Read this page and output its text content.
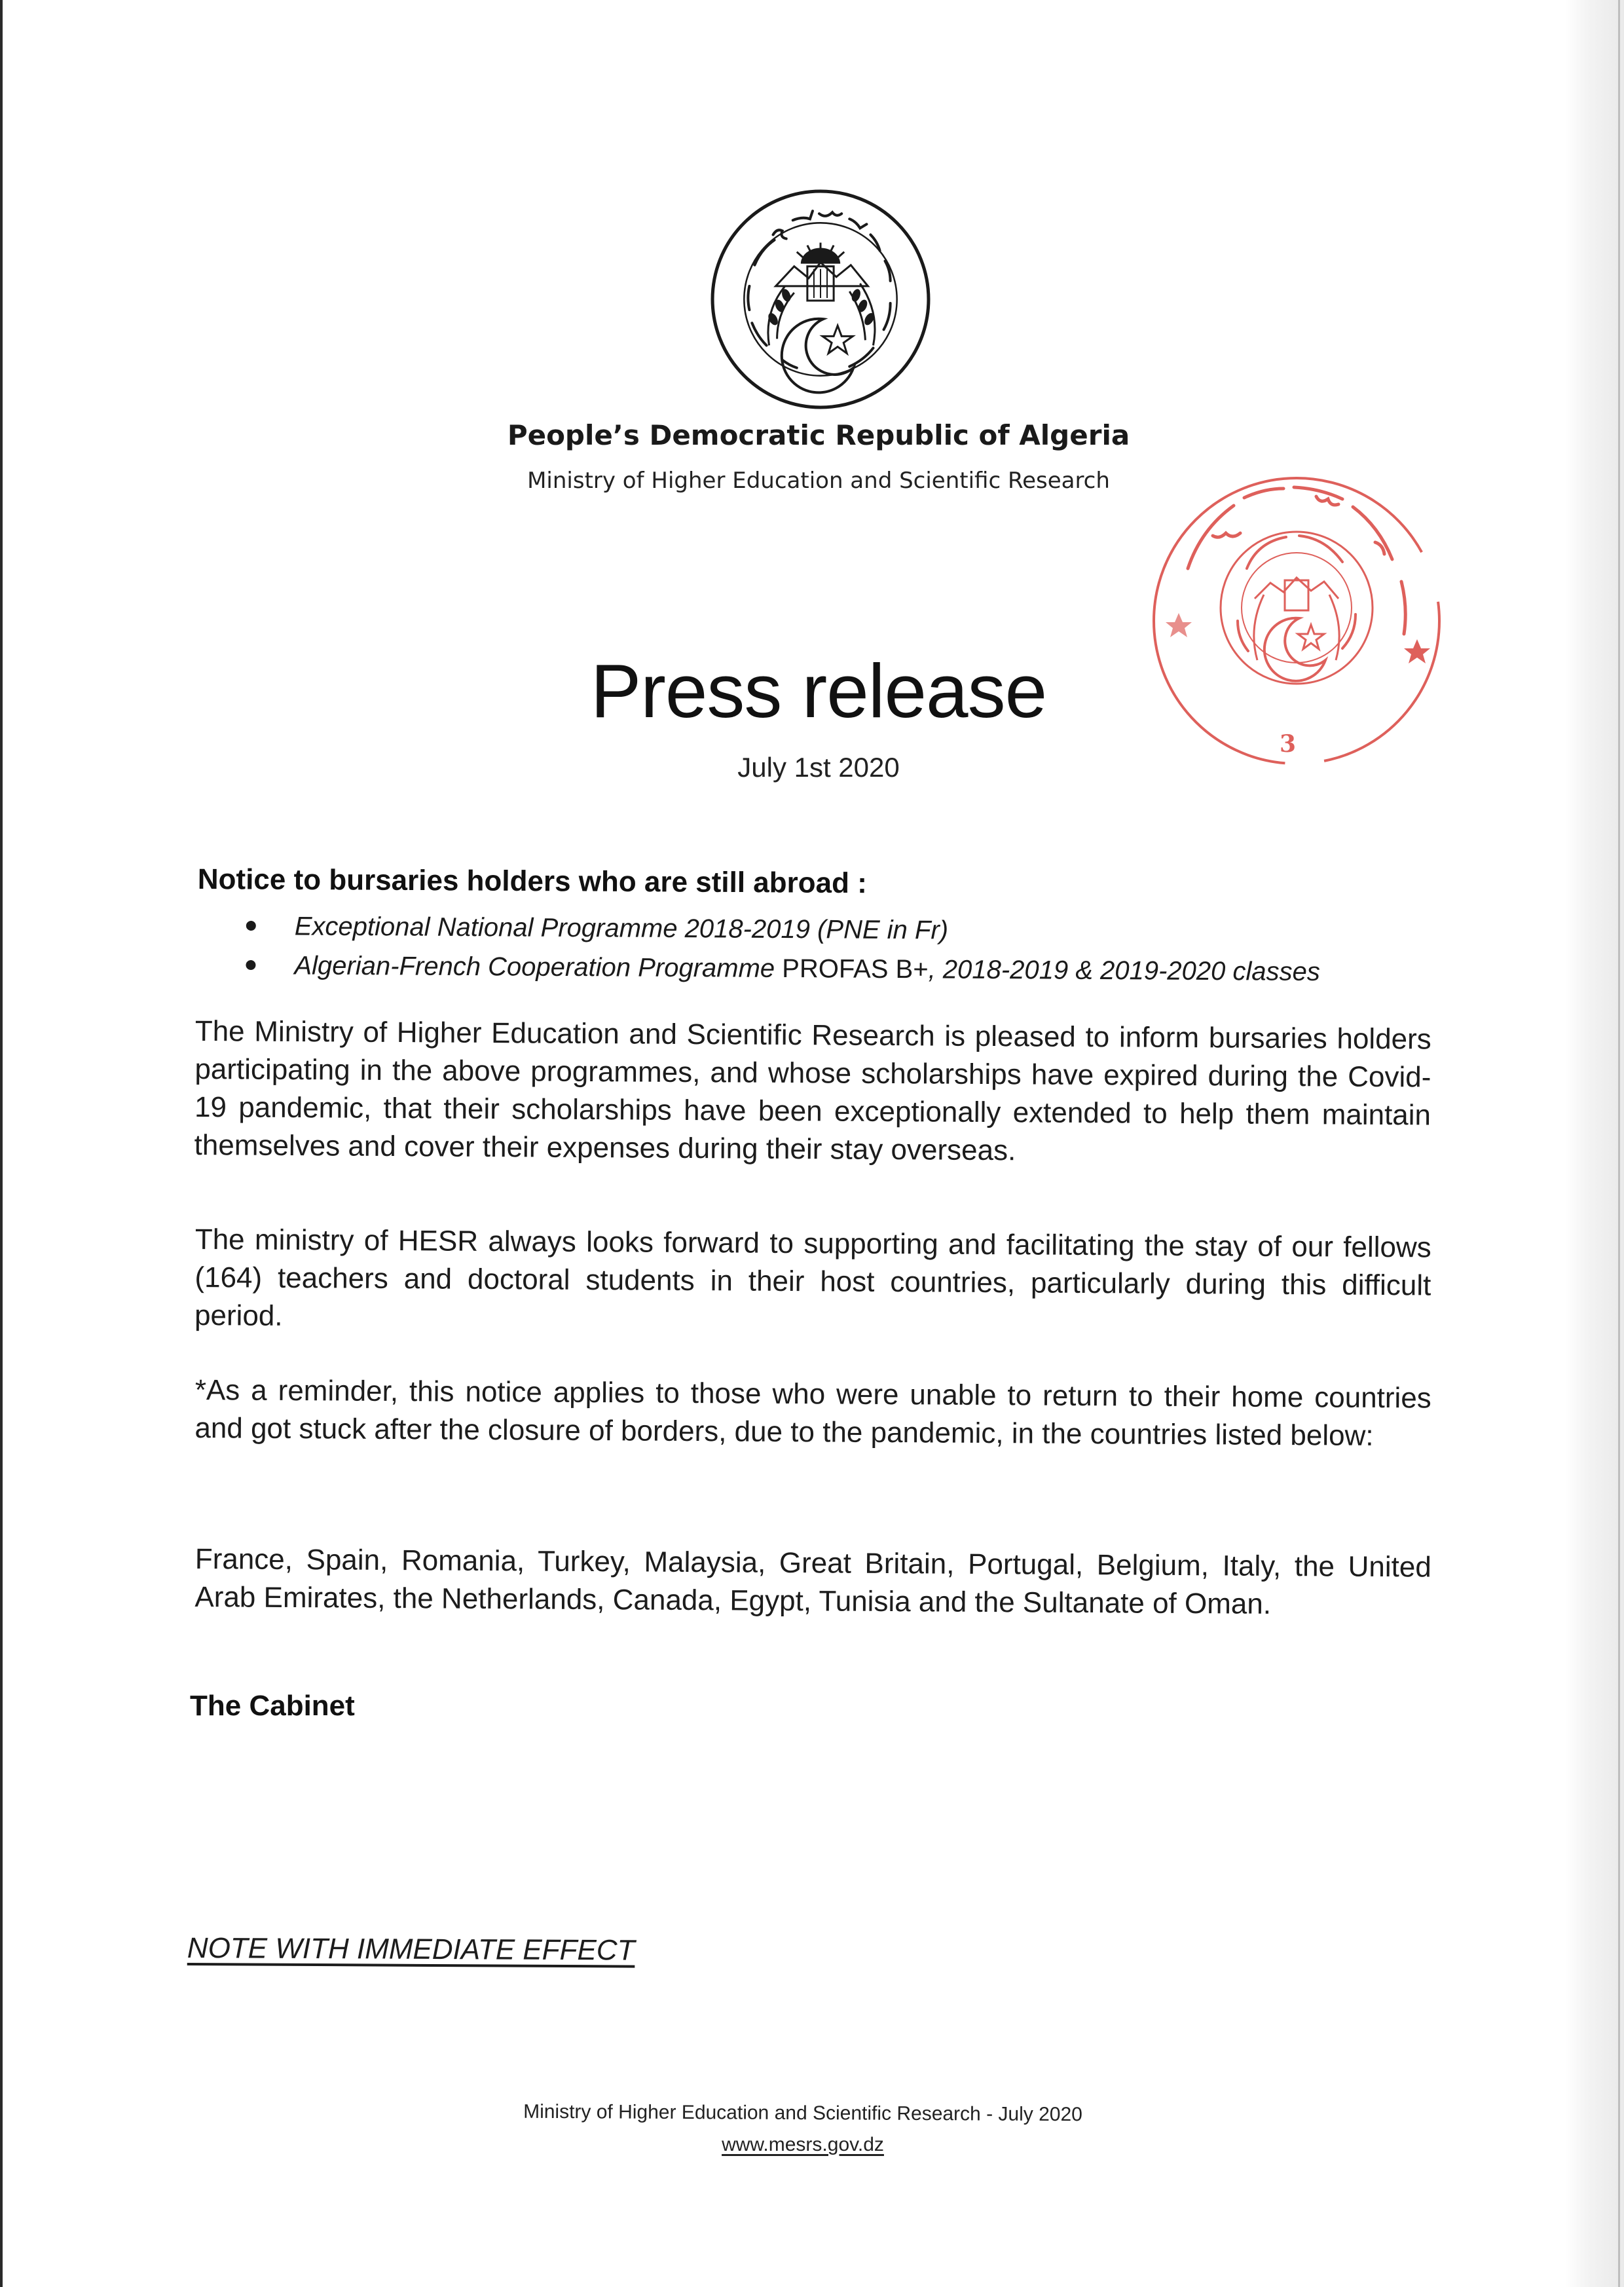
3
People’s Democratic Republic of Algeria
Ministry of Higher Education and Scientific Research
Press release
July 1st 2020
Notice to bursaries holders who are still abroad :
Exceptional National Programme 2018-2019 (PNE in Fr)
Algerian-French Cooperation Programme PROFAS B+, 2018-2019 & 2019-2020 classes

The Ministry of Higher Education and Scientific Research is pleased to inform bursaries holders participating in the above programmes, and whose scholarships have expired during the Covid-19 pandemic, that their scholarships have been exceptionally extended to help them maintain themselves and cover their expenses during their stay overseas.

The ministry of HESR always looks forward to supporting and facilitating the stay of our fellows (164) teachers and doctoral students in their host countries, particularly during this difficult period.

*As a reminder, this notice applies to those who were unable to return to their home countries and got stuck after the closure of borders, due to the pandemic, in the countries listed below:

France, Spain, Romania, Turkey, Malaysia, Great Britain, Portugal, Belgium, Italy, the United Arab Emirates, the Netherlands, Canada, Egypt, Tunisia and the Sultanate of Oman.

The Cabinet
NOTE WITH IMMEDIATE EFFECT
Ministry of Higher Education and Scientific Research - July 2020
www.mesrs.gov.dz
